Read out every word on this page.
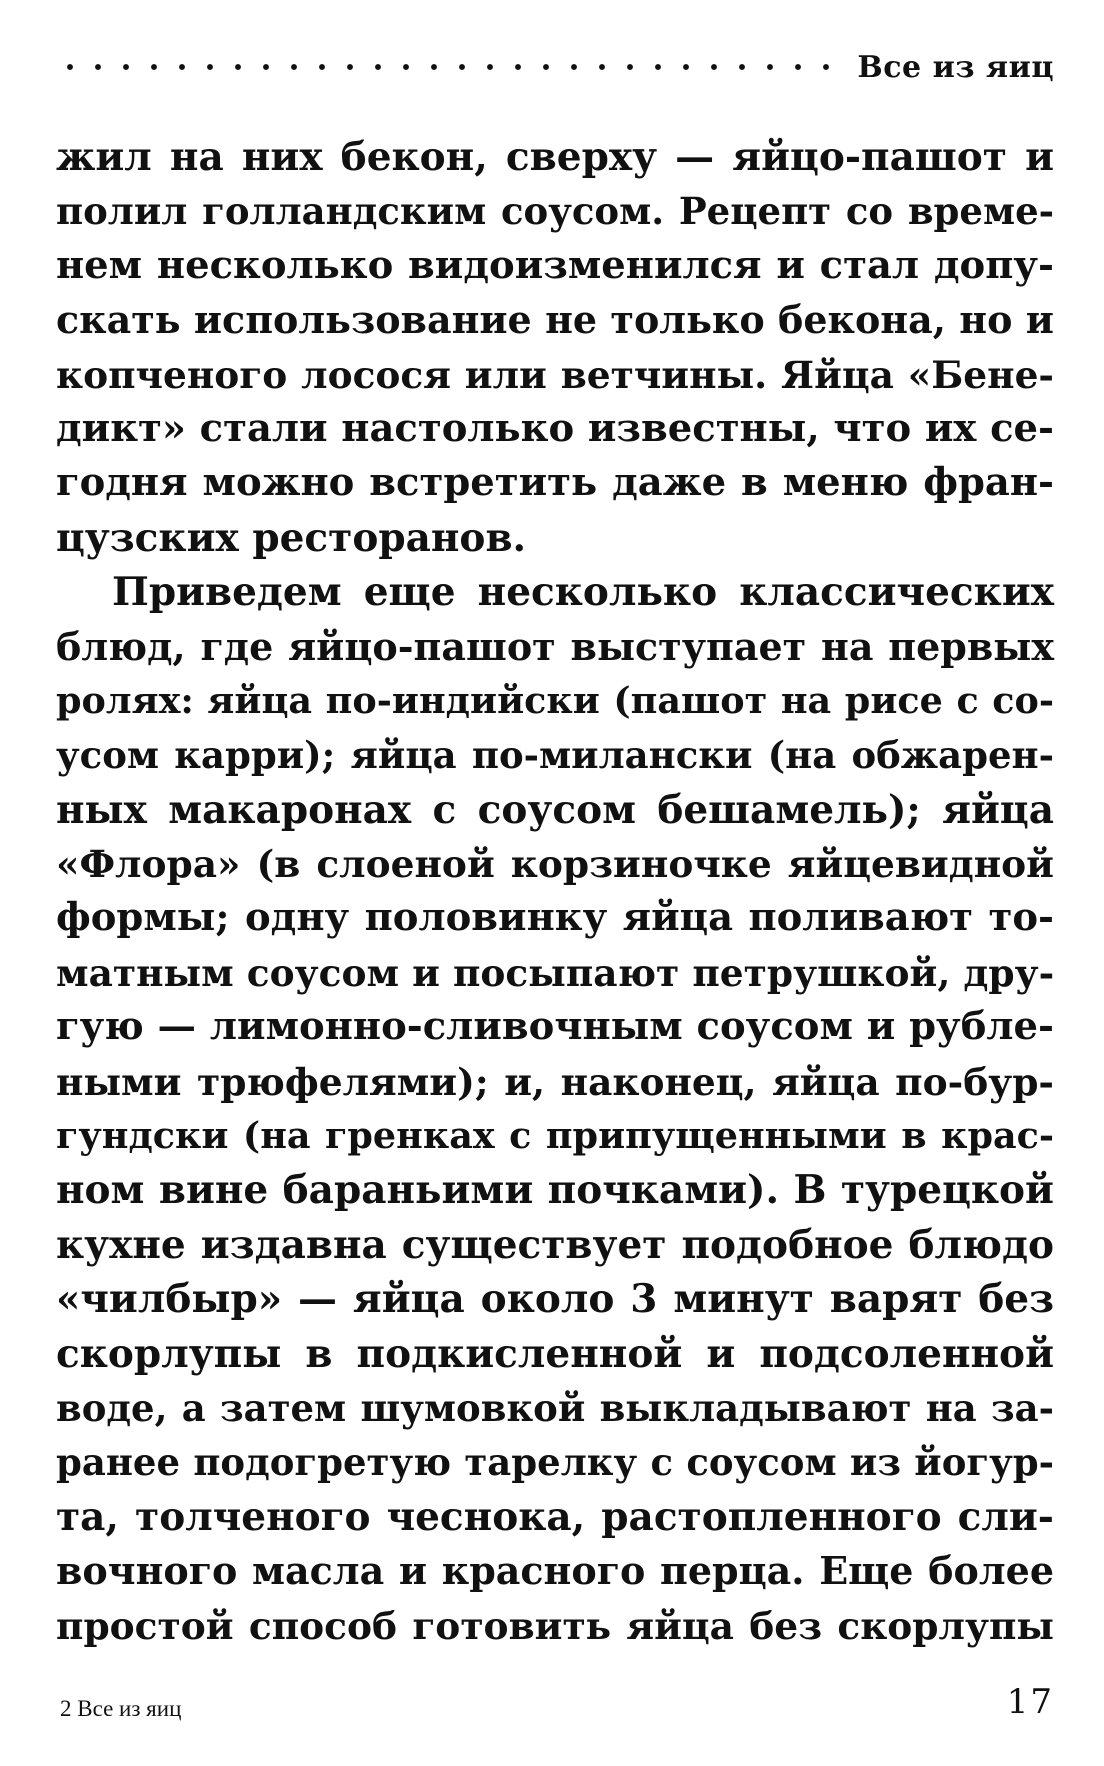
Все из яиц
жил на них бекон, сверху — яйцо-пашот и
полил голландским соусом. Рецепт со време-
нем несколько видоизменился и стал допу-
скать использование не только бекона, но и
копченого лосося или ветчины. Яйца «Бене-
дикт» стали настолько известны, что их се-
годня можно встретить даже в меню фран-
цузских ресторанов.
Приведем еще несколько классических
блюд, где яйцо-пашот выступает на первых
ролях: яйца по-индийски (пашот на рисе с со-
усом карри); яйца по-милански (на обжарен-
ных макаронах с соусом бешамель); яйца
«Флора» (в слоеной корзиночке яйцевидной
формы; одну половинку яйца поливают то-
матным соусом и посыпают петрушкой, дру-
гую — лимонно-сливочным соусом и рубле-
ными трюфелями); и, наконец, яйца по-бур-
гундски (на гренках с припущенными в крас-
ном вине бараньими почками). В турецкой
кухне издавна существует подобное блюдо
«чилбыр» — яйца около 3 минут варят без
скорлупы в подкисленной и подсоленной
воде, а затем шумовкой выкладывают на за-
ранее подогретую тарелку с соусом из йогур-
та, толченого чеснока, растопленного сли-
вочного масла и красного перца. Еще более
простой способ готовить яйца без скорлупы
2 Все из яиц	17
